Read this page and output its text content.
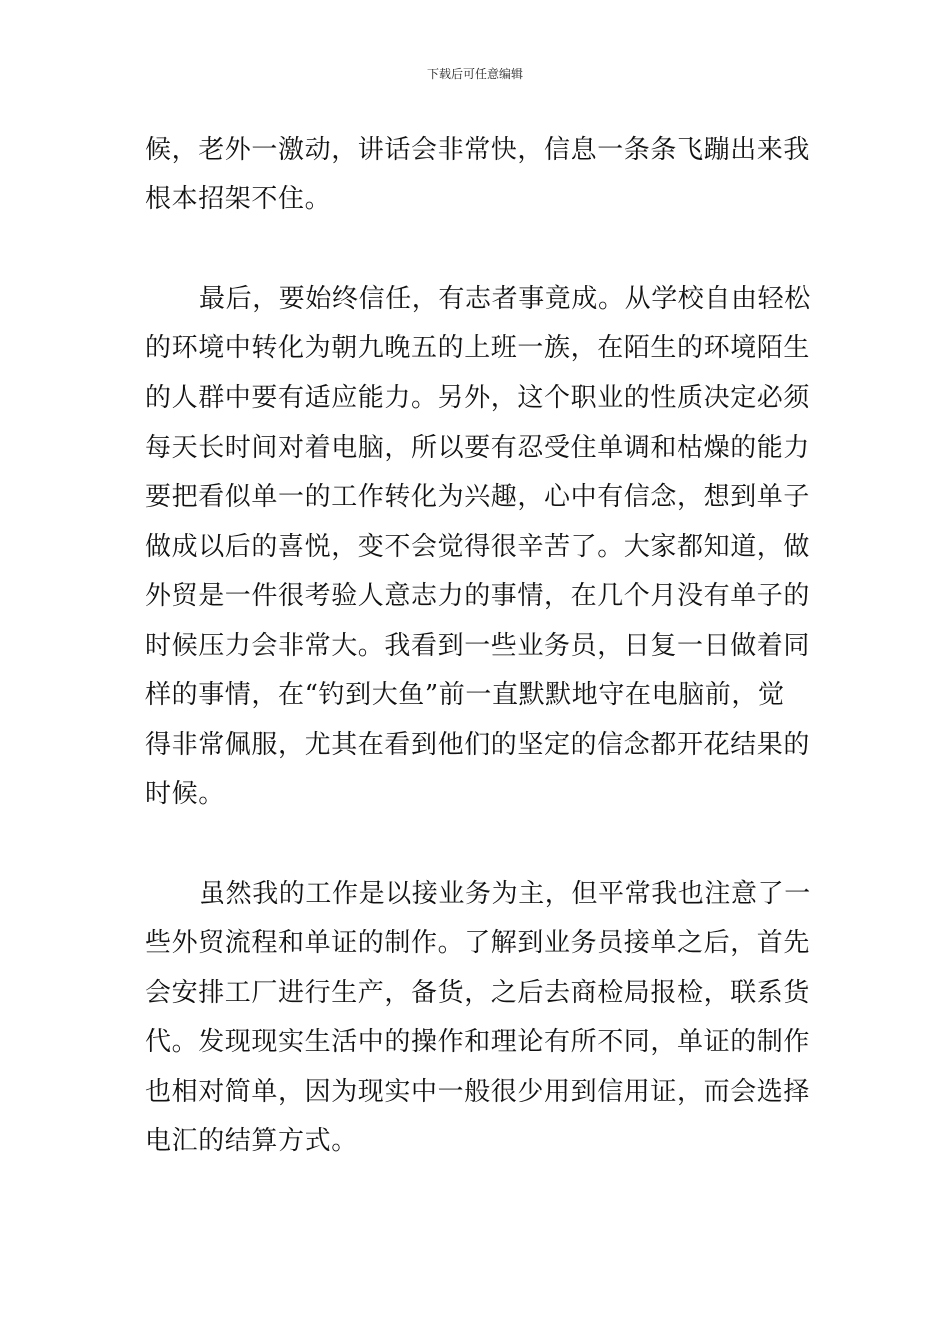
下载后可任意编辑
候，老外一激动，讲话会非常快，信息一条条飞蹦出来我
根本招架不住。
最后，要始终信任，有志者事竟成。从学校自由轻松
的环境中转化为朝九晚五的上班一族，在陌生的环境陌生
的人群中要有适应能力。另外，这个职业的性质决定必须
每天长时间对着电脑，所以要有忍受住单调和枯燥的能力
要把看似单一的工作转化为兴趣，心中有信念，想到单子
做成以后的喜悦，变不会觉得很辛苦了。大家都知道，做
外贸是一件很考验人意志力的事情，在几个月没有单子的
时候压力会非常大。我看到一些业务员，日复一日做着同
样的事情，在“钓到大鱼”前一直默默地守在电脑前，觉
得非常佩服，尤其在看到他们的坚定的信念都开花结果的
时候。
虽然我的工作是以接业务为主，但平常我也注意了一
些外贸流程和单证的制作。了解到业务员接单之后，首先
会安排工厂进行生产，备货，之后去商检局报检，联系货
代。发现现实生活中的操作和理论有所不同，单证的制作
也相对简单，因为现实中一般很少用到信用证，而会选择
电汇的结算方式。
